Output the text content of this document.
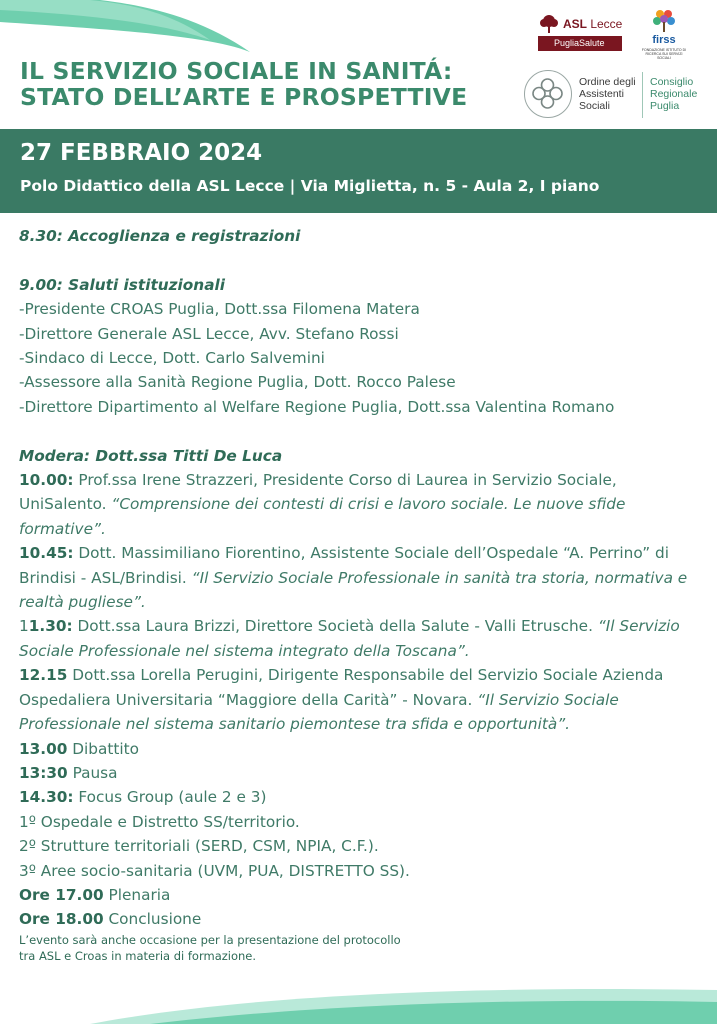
IL SERVIZIO SOCIALE IN SANITÁ:
STATO DELL’ARTE E PROSPETTIVE
ASL Lecce
PugliaSalute	firss
FONDAZIONE ISTITUTO DI RICERCA SUI SERVIZI SOCIALI
Ordine degli
Assistenti
Sociali
Consiglio
Regionale
Puglia
27 FEBBRAIO 2024
Polo Didattico della ASL Lecce | Via Miglietta, n. 5 - Aula 2, I piano

8.30: Accoglienza e registrazioni

9.00: Saluti istituzionali

-Presidente CROAS Puglia, Dott.ssa Filomena Matera

-Direttore Generale ASL Lecce, Avv. Stefano Rossi

-Sindaco di Lecce, Dott. Carlo Salvemini

-Assessore alla Sanità Regione Puglia, Dott. Rocco Palese

-Direttore Dipartimento al Welfare Regione Puglia, Dott.ssa Valentina Romano

Modera: Dott.ssa Titti De Luca

10.00: Prof.ssa Irene Strazzeri, Presidente Corso di Laurea in Servizio Sociale, UniSalento. “Comprensione dei contesti di crisi e lavoro sociale. Le nuove sfide formative”.

10.45: Dott. Massimiliano Fiorentino, Assistente Sociale dell’Ospedale “A. Perrino” di Brindisi - ASL/Brindisi. “Il Servizio Sociale Professionale in sanità tra storia, normativa e realtà pugliese”.

11.30: Dott.ssa Laura Brizzi, Direttore Società della Salute - Valli Etrusche. “Il Servizio Sociale Professionale nel sistema integrato della Toscana”.

12.15 Dott.ssa Lorella Perugini, Dirigente Responsabile del Servizio Sociale Azienda Ospedaliera Universitaria “Maggiore della Carità” - Novara. “Il Servizio Sociale Professionale nel sistema sanitario piemontese tra sfida e opportunità”.

13.00 Dibattito

13:30 Pausa

14.30: Focus Group (aule 2 e 3)

1º Ospedale e Distretto SS/territorio.

2º Strutture territoriali (SERD, CSM, NPIA, C.F.).

3º Aree socio-sanitaria (UVM, PUA, DISTRETTO SS).

Ore 17.00 Plenaria

Ore 18.00 Conclusione

L’evento sarà anche occasione per la presentazione del protocollo
tra ASL e Croas in materia di formazione.
